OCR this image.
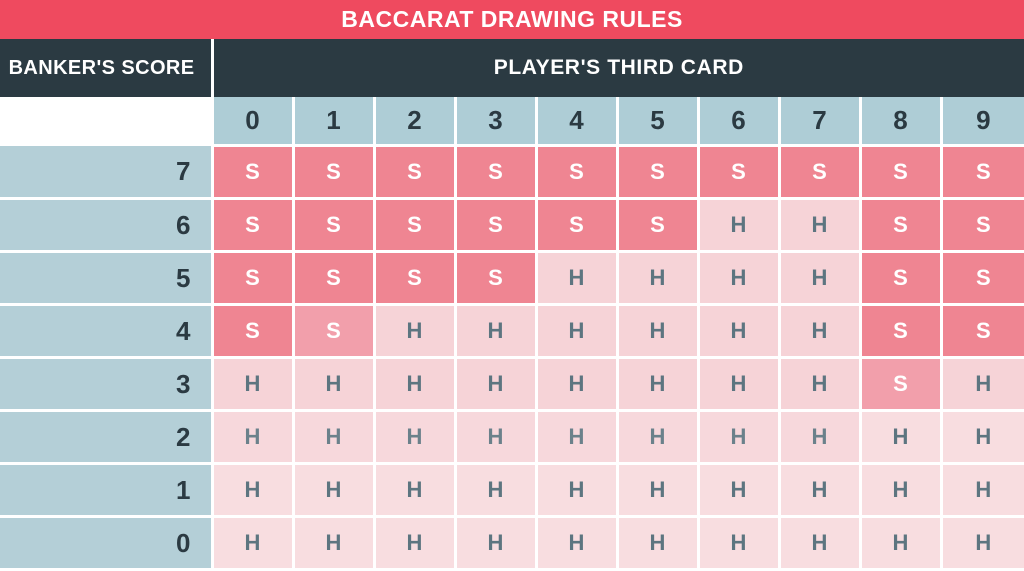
BACCARAT DRAWING RULES										
BANKER'S SCORE	PLAYER'S THIRD CARD									
	0	1	2	3	4	5	6	7	8	9
7	S	S	S	S	S	S	S	S	S	S
6	S	S	S	S	S	S	H	H	S	S
5	S	S	S	S	H	H	H	H	S	S
4	S	S	H	H	H	H	H	H	S	S
3	H	H	H	H	H	H	H	H	S	H
2	H	H	H	H	H	H	H	H	H	H
1	H	H	H	H	H	H	H	H	H	H
0	H	H	H	H	H	H	H	H	H	H
